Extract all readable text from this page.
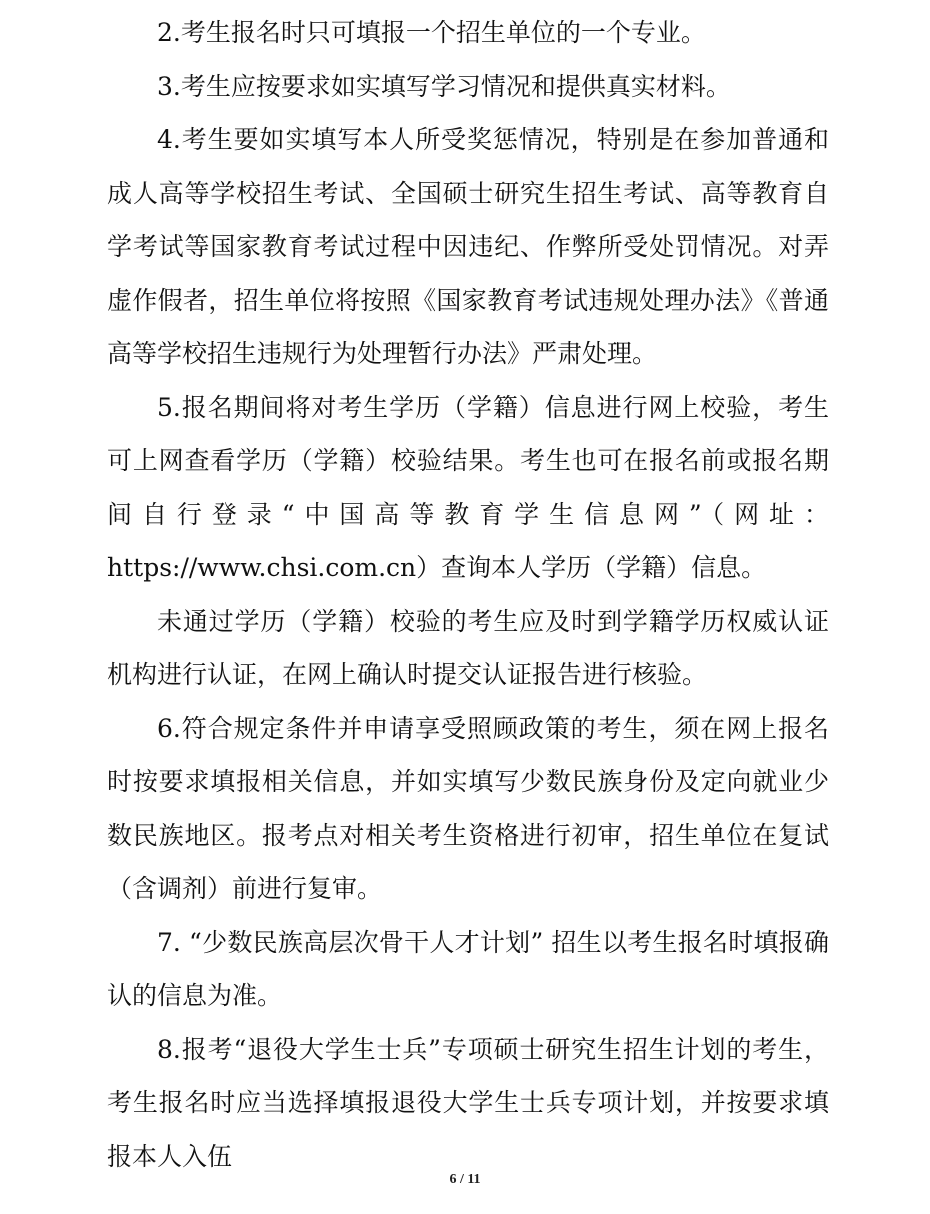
2.考生报名时只可填报一个招生单位的一个专业。

3.考生应按要求如实填写学习情况和提供真实材料。

4.考生要如实填写本人所受奖惩情况，特别是在参加普通和成人高等学校招生考试、全国硕士研究生招生考试、高等教育自学考试等国家教育考试过程中因违纪、作弊所受处罚情况。对弄虚作假者，招生单位将按照《国家教育考试违规处理办法》《普通高等学校招生违规行为处理暂行办法》严肃处理。

5.报名期间将对考生学历（学籍）信息进行网上校验，考生可上网查看学历（学籍）校验结果。考生也可在报名前或报名期间自行登录“中国高等教育学生信息网”（网址：https://www.chsi.com.cn）查询本人学历（学籍）信息。

未通过学历（学籍）校验的考生应及时到学籍学历权威认证机构进行认证，在网上确认时提交认证报告进行核验。

6.符合规定条件并申请享受照顾政策的考生，须在网上报名时按要求填报相关信息，并如实填写少数民族身份及定向就业少数民族地区。报考点对相关考生资格进行初审，招生单位在复试（含调剂）前进行复审。

7. “少数民族高层次骨干人才计划” 招生以考生报名时填报确认的信息为准。

8.报考“退役大学生士兵”专项硕士研究生招生计划的考生，考生报名时应当选择填报退役大学生士兵专项计划，并按要求填报本人入伍

6 / 11
